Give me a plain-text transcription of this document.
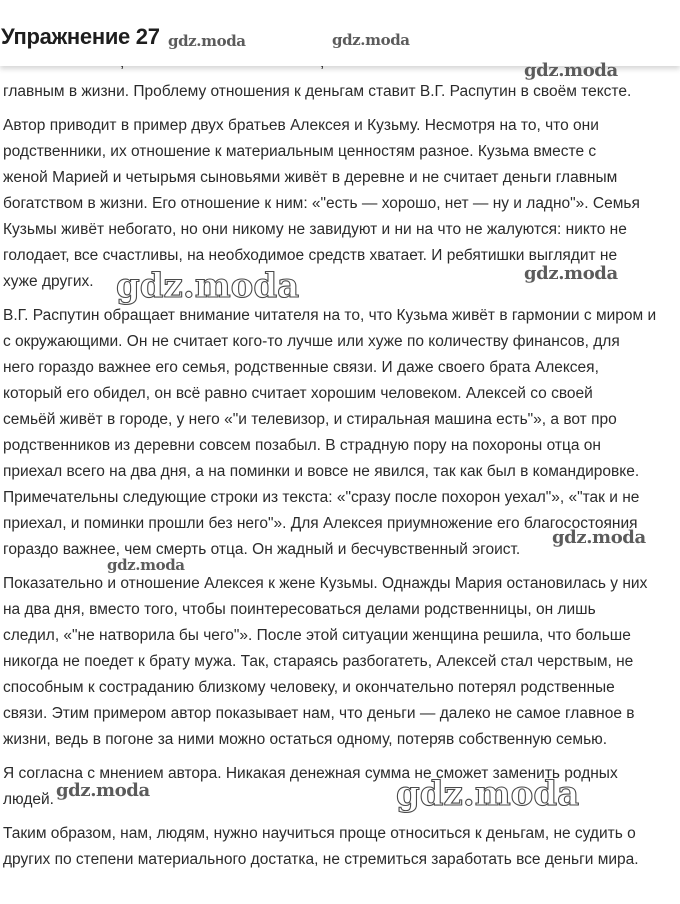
Упражнение 27

главным в жизни. Проблему отношения к деньгам ставит В.Г. Распутин в своём тексте.

Автор приводит в пример двух братьев Алексея и Кузьму. Несмотря на то, что они
родственники, их отношение к материальным ценностям разное. Кузьма вместе с
женой Марией и четырьмя сыновьями живёт в деревне и не считает деньги главным
богатством в жизни. Его отношение к ним: «"есть — хорошо, нет — ну и ладно"». Семья
Кузьмы живёт небогато, но они никому не завидуют и ни на что не жалуются: никто не
голодает, все счастливы, на необходимое средств хватает. И ребятишки выглядит не
хуже других.

В.Г. Распутин обращает внимание читателя на то, что Кузьма живёт в гармонии с миром и
с окружающими. Он не считает кого-то лучше или хуже по количеству финансов, для
него гораздо важнее его семья, родственные связи. И даже своего брата Алексея,
который его обидел, он всё равно считает хорошим человеком. Алексей со своей
семьёй живёт в городе, у него «"и телевизор, и стиральная машина есть"», а вот про
родственников из деревни совсем позабыл. В страдную пору на похороны отца он
приехал всего на два дня, а на поминки и вовсе не явился, так как был в командировке.
Примечательны следующие строки из текста: «"сразу после похорон уехал"», «"так и не
приехал, и поминки прошли без него"». Для Алексея приумножение его благосостояния
гораздо важнее, чем смерть отца. Он жадный и бесчувственный эгоист.

Показательно и отношение Алексея к жене Кузьмы. Однажды Мария остановилась у них
на два дня, вместо того, чтобы поинтересоваться делами родственницы, он лишь
следил, «"не натворила бы чего"». После этой ситуации женщина решила, что больше
никогда не поедет к брату мужа. Так, стараясь разбогатеть, Алексей стал черствым, не
способным к состраданию близкому человеку, и окончательно потерял родственные
связи. Этим примером автор показывает нам, что деньги — далеко не самое главное в
жизни, ведь в погоне за ними можно остаться одному, потеряв собственную семью.

Я согласна с мнением автора. Никакая денежная сумма не сможет заменить родных
людей.

Таким образом, нам, людям, нужно научиться проще относиться к деньгам, не судить о
других по степени материального достатка, не стремиться заработать все деньги мира.

gdz.moda	gdz.moda
gdz.moda
gdz.moda
gdz.moda
gdz.moda
gdz.moda
gdz.moda	gdz.moda
